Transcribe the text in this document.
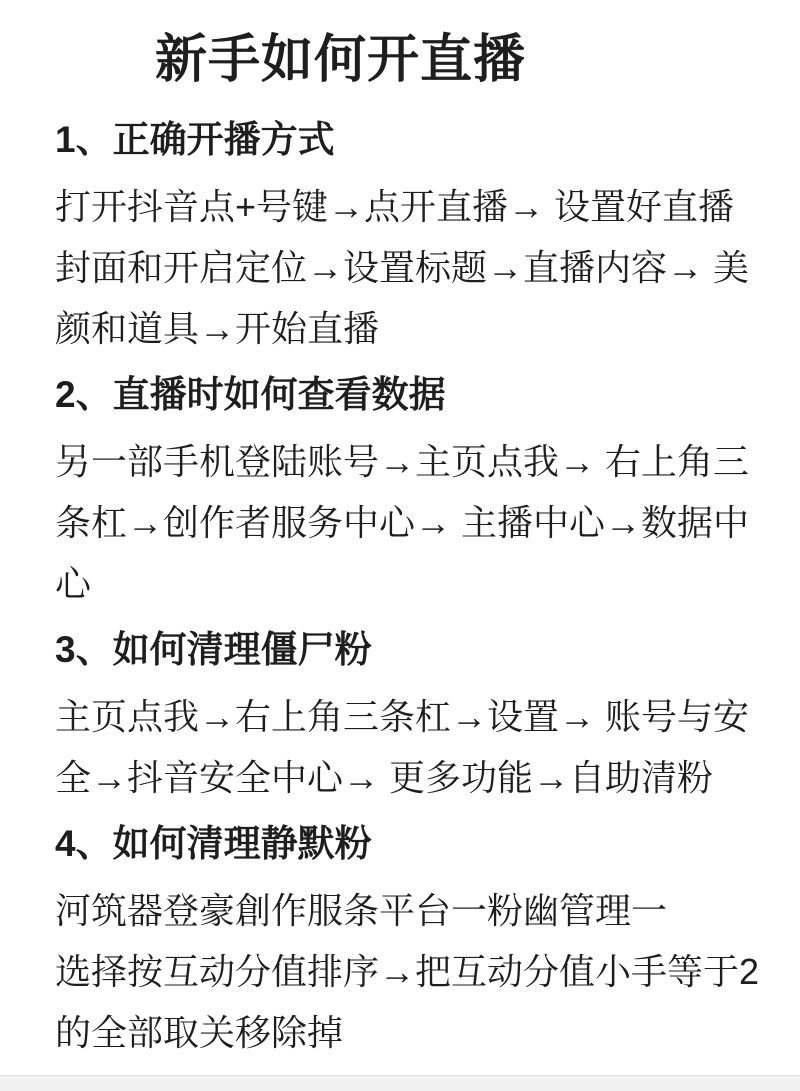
新手如何开直播
1、正确开播方式

打开抖音点+号键→点开直播→ 设置好直播

封面和开启定位→设置标题→直播内容→ 美

颜和道具→开始直播

2、直播时如何查看数据

另一部手机登陆账号→主页点我→ 右上角三

条杠→创作者服务中心→ 主播中心→数据中

心

3、如何清理僵尸粉

主页点我→右上角三条杠→设置→ 账号与安

全→抖音安全中心→ 更多功能→自助清粉

4、如何清理静默粉

河筑器登豪創作服条平台一粉幽管理一

选择按互动分值排序→把互动分值小手等于2

的全部取关移除掉
